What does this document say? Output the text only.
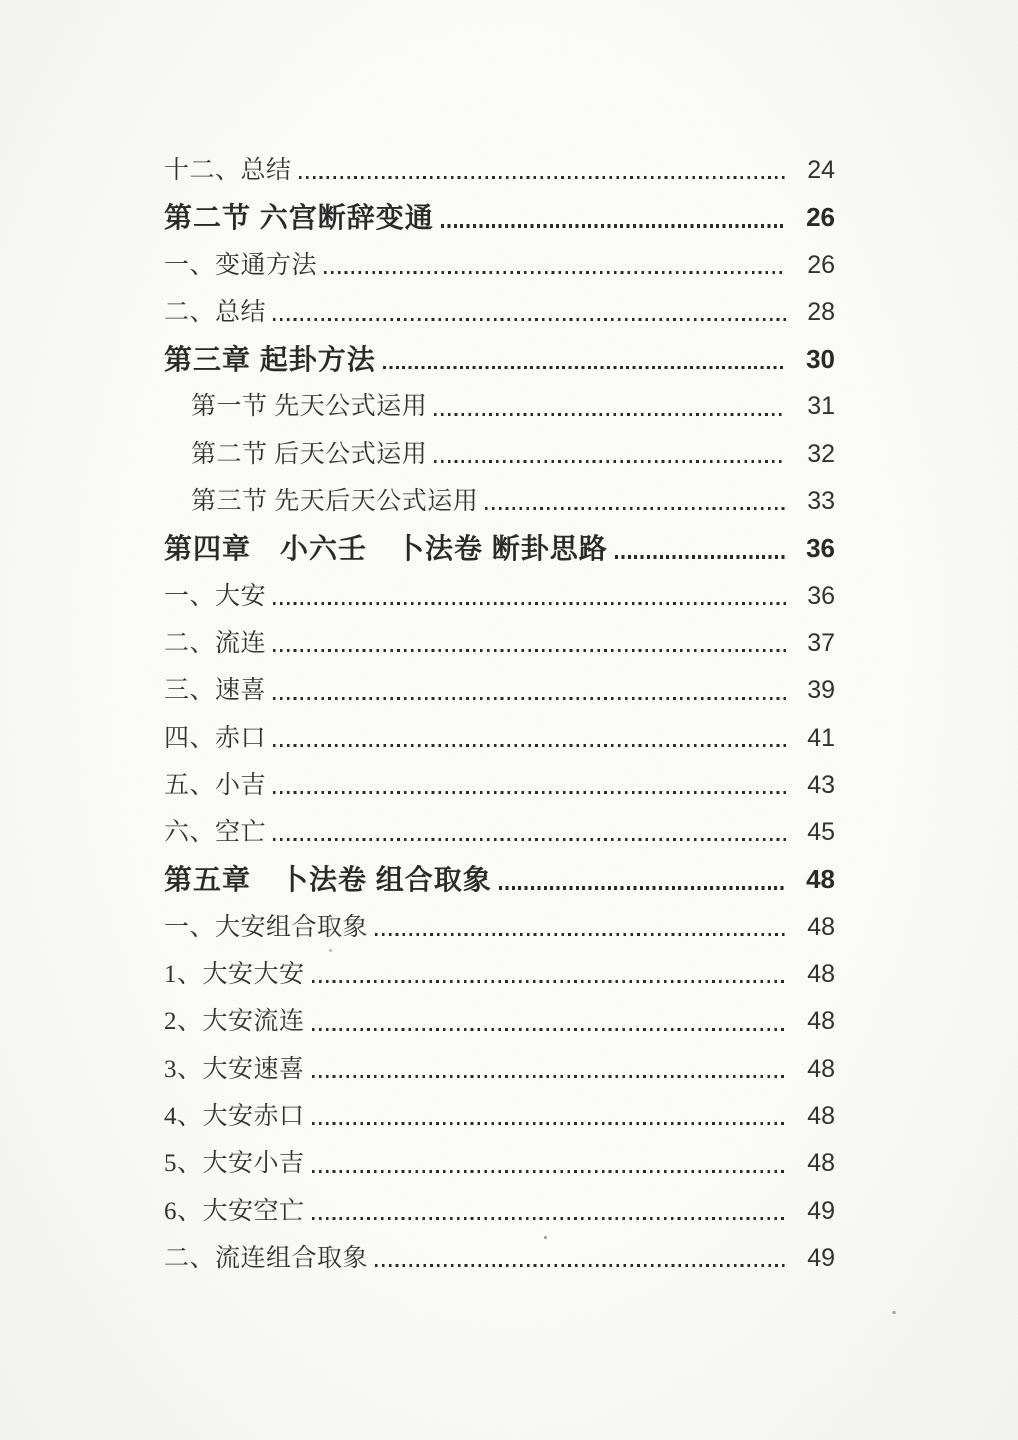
十二、总结	24
第二节 六宫断辞变通	26
一、变通方法	26
二、总结	28
第三章 起卦方法	30
第一节 先天公式运用	31
第二节 后天公式运用	32
第三节 先天后天公式运用	33
第四章　小六壬　卜法卷 断卦思路	36
一、大安	36
二、流连	37
三、速喜	39
四、赤口	41
五、小吉	43
六、空亡	45
第五章　卜法卷 组合取象	48
一、大安组合取象	48
1、大安大安	48
2、大安流连	48
3、大安速喜	48
4、大安赤口	48
5、大安小吉	48
6、大安空亡	49
二、流连组合取象	49
